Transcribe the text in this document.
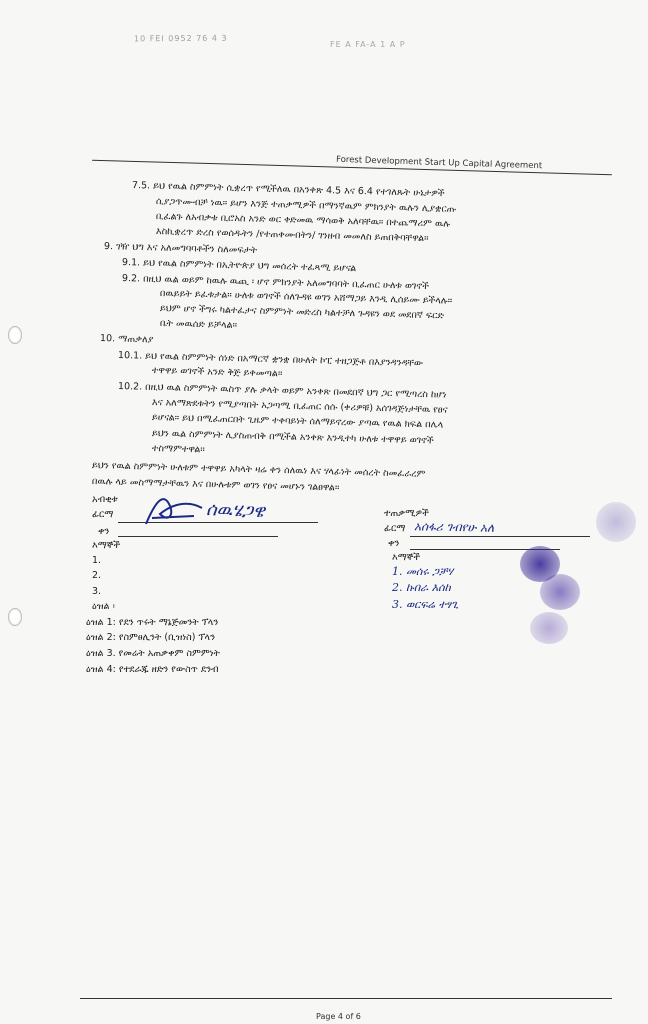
10 FEI 0952 76 4 3
FE A FA-A 1 A P
Forest Development Start Up Capital Agreement
7.5. ይህ የዉል ስምምነት ሲቋረጥ የሚችለዉ በአንቀጽ 4.5 እና 6.4 የተገለጹት ሁኔታዎች
ሲያጋጥሙብቻ ነዉ። ይሆን እንጅ ተጠቃሚዎች በማንኛዉም ምክንያት ዉሉን ሊያቋርጡ
ቢፈልጉ ለአብቃቱ ቢሮአስ አንድ ወር ቀድመዉ ማሳወቅ አለባቸዉ። በተጨማሪም ዉሉ
እስኪቋረጥ ድረስ የወሰዱትን /የተጠቀሙበትን/ ገንዘብ መመለስ ይጠበቅባቸዋል።
9. ገዥ ህግ እና አለመግባባቶችን ስለመፍታት
9.1. ይህ የዉል ስምምነት በኢትዮጵያ ህግ መሰረት ተፈጻሚ ይሆናል
9.2. በዚህ ዉል ወይም ከዉሉ ዉጪ ፡ ሆኖ ምክንያት አለመግባባት ቢፈጠር ሁለቱ ወገኖች
በዉይይት ይፈቱታል። ሁለቱ ወገኖች ሰለጉዳዩ ወገን አሸማጋይ እንዲ ሊሰይሙ ይችላሉ።
ይህም ሆኖ ችግሩ ካልተፈታና ስምምነት መድረስ ካልተቻለ ጉዳዩን ወደ መደበኛ ፍርድ
ቤት መዉሰድ ይቻላል።
10. ማጠቃለያ
10.1. ይህ የዉል ስምምነት ሰነድ በአማርኛ ቋንቋ በሁለት ኮፒ ተዘጋጅቶ በእያንዳንዳቸው
ተዋዋይ ወገኖች አንድ ቅጅ ይቀመጣል።
10.2. በዚህ ዉል ስምምነት ዉስጥ ያሉ ቃላት ወይም አንቀጽ በመደበኛ ህግ ጋር የሚጣረስ ከሆነ
እና አለማጽደቱትን የሚያጣበት አጋጣሚ ቢፈጠር ሰሱ (ቀሪዎቹ) አሰገዳጅነታቸዉ የፀና
ይሆናል። ይህ በሚፈጠርበት ጊዜም ተቀባይነት ሰለማይኖረው ያጣዉ የዉል ክፍል በሌላ
ይህን ዉል ስምምነት ሊያስጠብቅ በሚችል አንቀጽ እንዲተካ ሁለቱ ተዋዋይ ወገኖች
ተስማምተዋል።
ይህን የዉል ስምምነት ሁለቱም ተዋዋይ አካላት ዛሬ ቀን ሰለዉነ እና ሃላፊነት መሰረት ስመፈራረም
በዉሉ ላይ መስማማታቸዉን እና በሁሉቱም ወገን የፀና መሆኑን ገልፀዋል።
አብቂቱ
ፊርማ
ቀን
ሰዉሄጋዌ
እማኞች
1.
2.
3.
ተጠቃሚዎች
ፊርማ አሰፋሪ ገብየሁ አለ
ቀን
እማኞች
1. መሰሩ ጋቻሃ
2. ኩበራ እሰከ
3. ወርፍሬ ተፃጊ
ዕዝል ፡
ዕዝል 1: የደን ጥሩት ማኔጅመንት ፕላን
ዕዝል 2: የስምፀሊንት (ቢዝነስ) ፕላን
ዕዝል 3. የመሬት አጠቃቀም ስምምነት
ዕዝል 4: የተደራጁ ዘድን የውስጥ ደንብ
Page 4 of 6
